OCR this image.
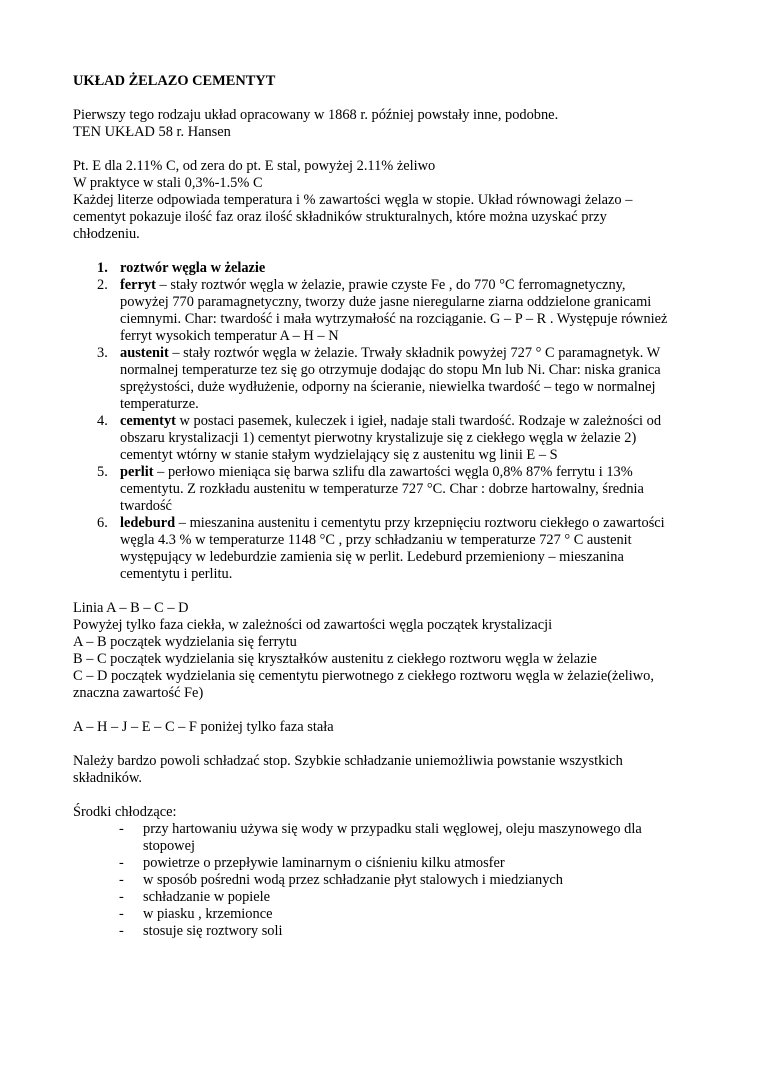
UKŁAD ŻELAZO CEMENTYT

Pierwszy tego rodzaju układ opracowany w 1868 r. później powstały inne, podobne.

TEN UKŁAD 58 r. Hansen

Pt. E dla 2.11% C, od zera do pt. E stal, powyżej 2.11% żeliwo

W praktyce w stali 0,3%-1.5% C

Każdej literze odpowiada temperatura i % zawartości węgla w stopie. Układ równowagi żelazo – cementyt pokazuje ilość faz oraz ilość składników strukturalnych, które można uzyskać przy chłodzeniu.

1. roztwór węgla w żelazie
2. ferryt – stały roztwór węgla w żelazie, prawie czyste Fe , do 770 °C ferromagnetyczny, powyżej 770 paramagnetyczny, tworzy duże jasne nieregularne ziarna oddzielone granicami ciemnymi. Char: twardość i mała wytrzymałość na rozciąganie. G – P – R . Występuje również ferryt wysokich temperatur A – H – N
3. austenit – stały roztwór węgla w żelazie. Trwały składnik powyżej 727 ° C paramagnetyk. W normalnej temperaturze tez się go otrzymuje dodając do stopu Mn lub Ni. Char: niska granica sprężystości, duże wydłużenie, odporny na ścieranie, niewielka twardość – tego w normalnej temperaturze.
4. cementyt w postaci pasemek, kuleczek i igieł, nadaje stali twardość. Rodzaje w zależności od obszaru krystalizacji 1) cementyt pierwotny krystalizuje się z ciekłego węgla w żelazie 2) cementyt wtórny w stanie stałym wydzielający się z austenitu wg linii E – S
5. perlit – perłowo mieniąca się barwa szlifu dla zawartości węgla 0,8% 87% ferrytu i 13% cementytu. Z rozkładu austenitu w temperaturze 727 °C. Char : dobrze hartowalny, średnia twardość
6. ledeburd – mieszanina austenitu i cementytu przy krzepnięciu roztworu ciekłego o zawartości węgla 4.3 % w temperaturze 1148 °C , przy schładzaniu w temperaturze 727 ° C austenit występujący w ledeburdzie zamienia się w perlit. Ledeburd przemieniony – mieszanina cementytu i perlitu.

Linia A – B – C – D

Powyżej tylko faza ciekła, w zależności od zawartości węgla początek krystalizacji

A – B początek wydzielania się ferrytu

B – C początek wydzielania się kryształków austenitu z ciekłego roztworu węgla w żelazie

C – D początek wydzielania się cementytu pierwotnego z ciekłego roztworu węgla w żelazie(żeliwo, znaczna zawartość Fe)

A – H – J – E – C – F poniżej tylko faza stała

Należy bardzo powoli schładzać stop. Szybkie schładzanie uniemożliwia powstanie wszystkich składników.

Środki chłodzące:

- przy hartowaniu używa się wody w przypadku stali węglowej, oleju maszynowego dla stopowej
- powietrze o przepływie laminarnym o ciśnieniu kilku atmosfer
- w sposób pośredni wodą przez schładzanie płyt stalowych i miedzianych
- schładzanie w popiele
- w piasku , krzemionce
- stosuje się roztwory soli
